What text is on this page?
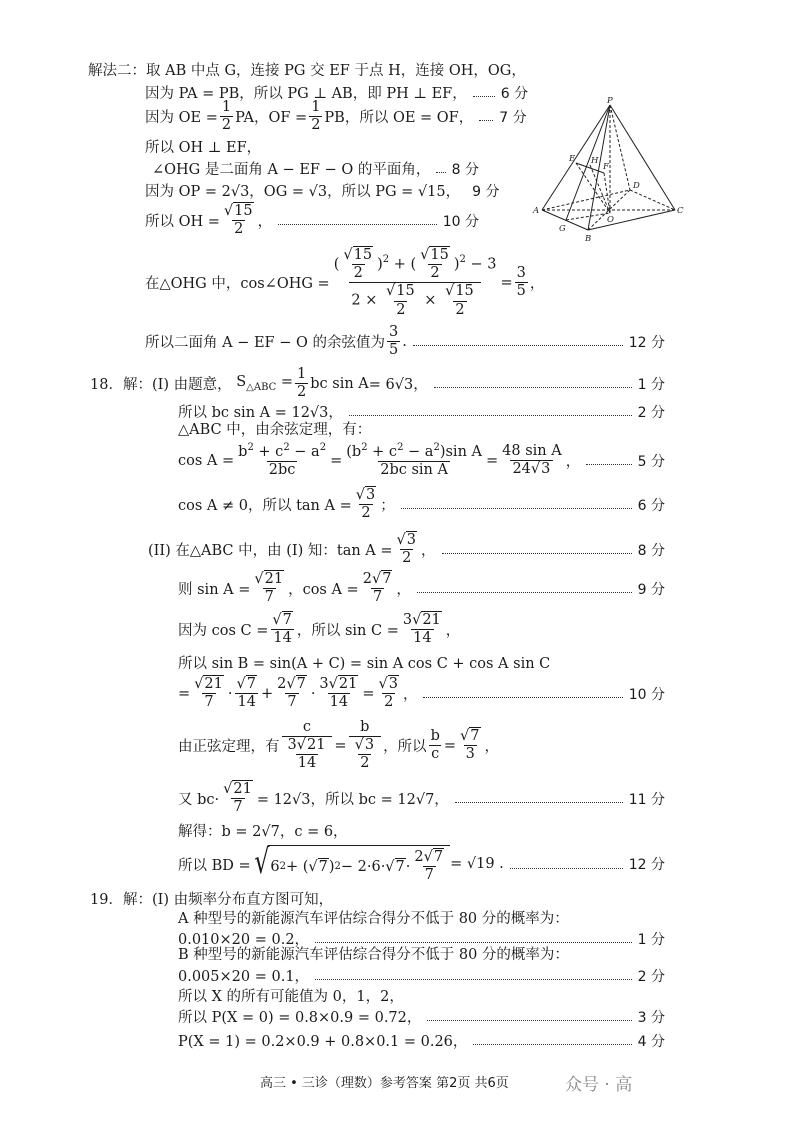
解法二：取 AB 中点 G，连接 PG 交 EF 于点 H，连接 OH，OG，
因为 PA = PB，所以 PG ⊥ AB，即 PH ⊥ EF， 6 分
因为 OE = $\frac{1}{2}$ PA，OF = $\frac{1}{2}$ PB，所以 OE = OF， 7 分
所以 OH ⊥ EF，
∠OHG 是二面角 A − EF − O 的平面角， 8 分
因为 OP = 2√3，OG = √3，所以 PG = √15， 9 分
所以 OH = $\frac{√15}{2}$ ，	10 分
P
E H
F
D
A
O
C
G
B
在△OHG 中，cos∠OHG = $\frac{( \frac{√15}{2} )^2 + ( \frac{√15}{2} )^2 - 3}{2 \times \frac{√15}{2} \times \frac{√15}{2}} = \frac{3}{5}$ ，
所以二面角 A − EF − O 的余弦值为
3
5
.	12 分
18．解：(I) 由题意， $S_{\triangle ABC} = \frac{1}{2}$ bc sin A = 6√3，	1 分
所以 bc sin A = 12√3，	2 分
△ABC 中，由余弦定理，有：
$\cos A = \frac{b^2 + c^2 - a^2}{2bc} = \frac{(b^2 + c^2 - a^2)\sin A}{\text{2bc sin A}} = \frac{\text{48 sin A}}{24√3}$ ，	5 分
cos A ≠ 0，所以 $\tan A = \frac{√3}{2}$ ；	6 分
(II) 在△ABC 中，由 (I) 知：$\tan A = \frac{√3}{2}$ ，	8 分
则 $\sin A = \frac{√21}{7}$ ，$\cos A = \frac{2√7}{7}$ ，	9 分
因为 $\cos C = \frac{√7}{14}$ ，所以 $\sin C = \frac{3√21}{14}$ ，
所以 sin B = sin(A + C) = sin A cos C + cos A sin C
= $\frac{√21}{7}$ ·
√7
14
+ $\frac{2√7}{7} \cdot \frac{3√21}{14} = \frac{√3}{2}$ ，	10 分
由正弦定理，有 $\frac{c}{\frac{3√21}{14}} = \frac{b}{\frac{√3}{2}}$ ，所以 $\frac{b}{c} = \frac{√7}{3}$ ，
又 $bc\cdot \frac{√21}{7} = 12√3$，所以 bc = 12√7，	11 分
解得：b = 2√7，c = 6，
所以 BD = √ 6 2 + (√ 7 ) 2 − 2·6·√ 7 ·
2√7
7
= √19 .	12 分
19．解：(I) 由频率分布直方图可知，
A 种型号的新能源汽车评估综合得分不低于 80 分的概率为：
0.010×20 = 0.2，	1 分
B 种型号的新能源汽车评估综合得分不低于 80 分的概率为：
0.005×20 = 0.1，	2 分
所以 X 的所有可能值为 0，1，2，
所以 P(X = 0) = 0.8×0.9 = 0.72，	3 分
P(X = 1) = 0.2×0.9 + 0.8×0.1 = 0.26，	4 分
高三 • 三诊（理数）参考答案 第2页 共6页	众号 · 高
